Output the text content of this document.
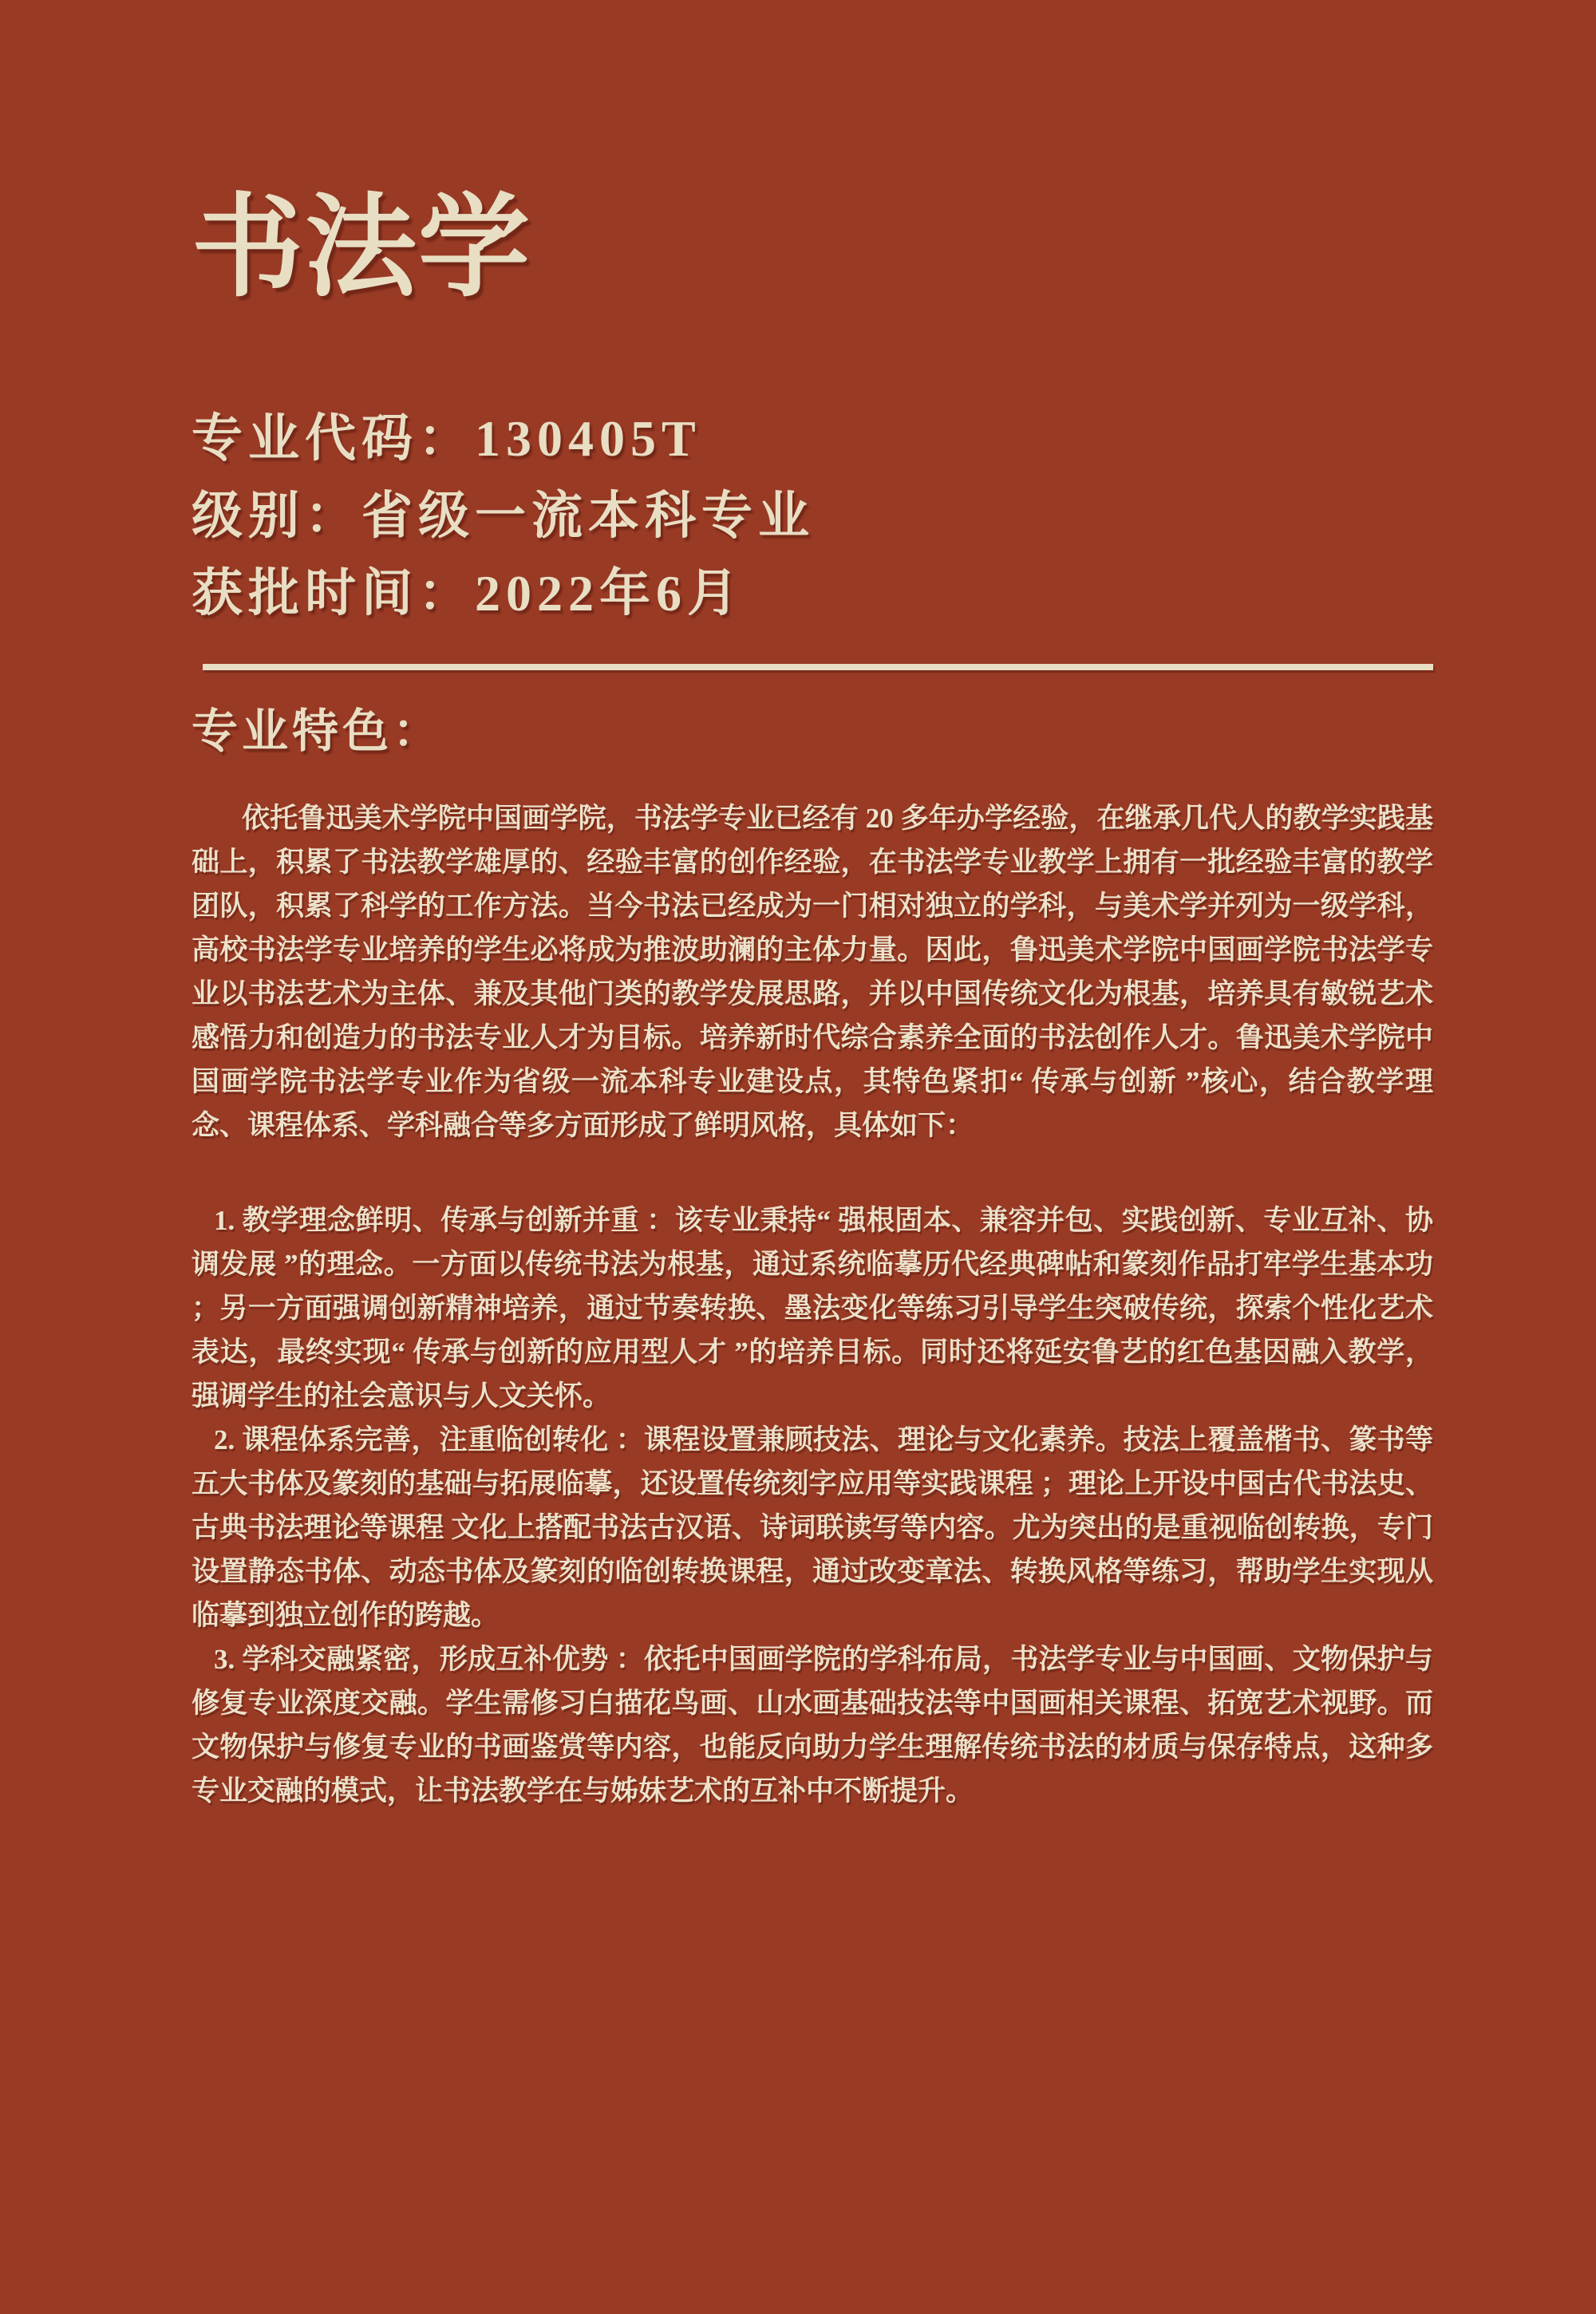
书法学

专业代码：130405T

级别：省级一流本科专业

获批时间：2022年6月

专业特色：

依托鲁迅美术学院中国画学院，书法学专业已经有 20 多年办学经验，在继承几代人的教学实践基础上，积累了书法教学雄厚的、经验丰富的创作经验，在书法学专业教学上拥有一批经验丰富的教学团队，积累了科学的工作方法。当今书法已经成为一门相对独立的学科，与美术学并列为一级学科，高校书法学专业培养的学生必将成为推波助澜的主体力量。因此，鲁迅美术学院中国画学院书法学专业以书法艺术为主体、兼及其他门类的教学发展思路，并以中国传统文化为根基，培养具有敏锐艺术感悟力和创造力的书法专业人才为目标。培养新时代综合素养全面的书法创作人才。鲁迅美术学院中国画学院书法学专业作为省级一流本科专业建设点，其特色紧扣“ 传承与创新 ”核心，结合教学理念、课程体系、学科融合等多方面形成了鲜明风格，具体如下：

1. 教学理念鲜明、传承与创新并重 ：该专业秉持“ 强根固本、兼容并包、实践创新、专业互补、协调发展 ”的理念。一方面以传统书法为根基，通过系统临摹历代经典碑帖和篆刻作品打牢学生基本功 ；另一方面强调创新精神培养，通过节奏转换、墨法变化等练习引导学生突破传统，探索个性化艺术表达，最终实现“ 传承与创新的应用型人才 ”的培养目标。同时还将延安鲁艺的红色基因融入教学，强调学生的社会意识与人文关怀。

2. 课程体系完善，注重临创转化 ：课程设置兼顾技法、理论与文化素养。技法上覆盖楷书、篆书等五大书体及篆刻的基础与拓展临摹，还设置传统刻字应用等实践课程 ；理论上开设中国古代书法史、古典书法理论等课程 文化上搭配书法古汉语、诗词联读写等内容。尤为突出的是重视临创转换，专门设置静态书体、动态书体及篆刻的临创转换课程，通过改变章法、转换风格等练习，帮助学生实现从临摹到独立创作的跨越。

3. 学科交融紧密，形成互补优势 ：依托中国画学院的学科布局，书法学专业与中国画、文物保护与修复专业深度交融。学生需修习白描花鸟画、山水画基础技法等中国画相关课程、拓宽艺术视野。而文物保护与修复专业的书画鉴赏等内容，也能反向助力学生理解传统书法的材质与保存特点，这种多专业交融的模式，让书法教学在与姊妹艺术的互补中不断提升。
